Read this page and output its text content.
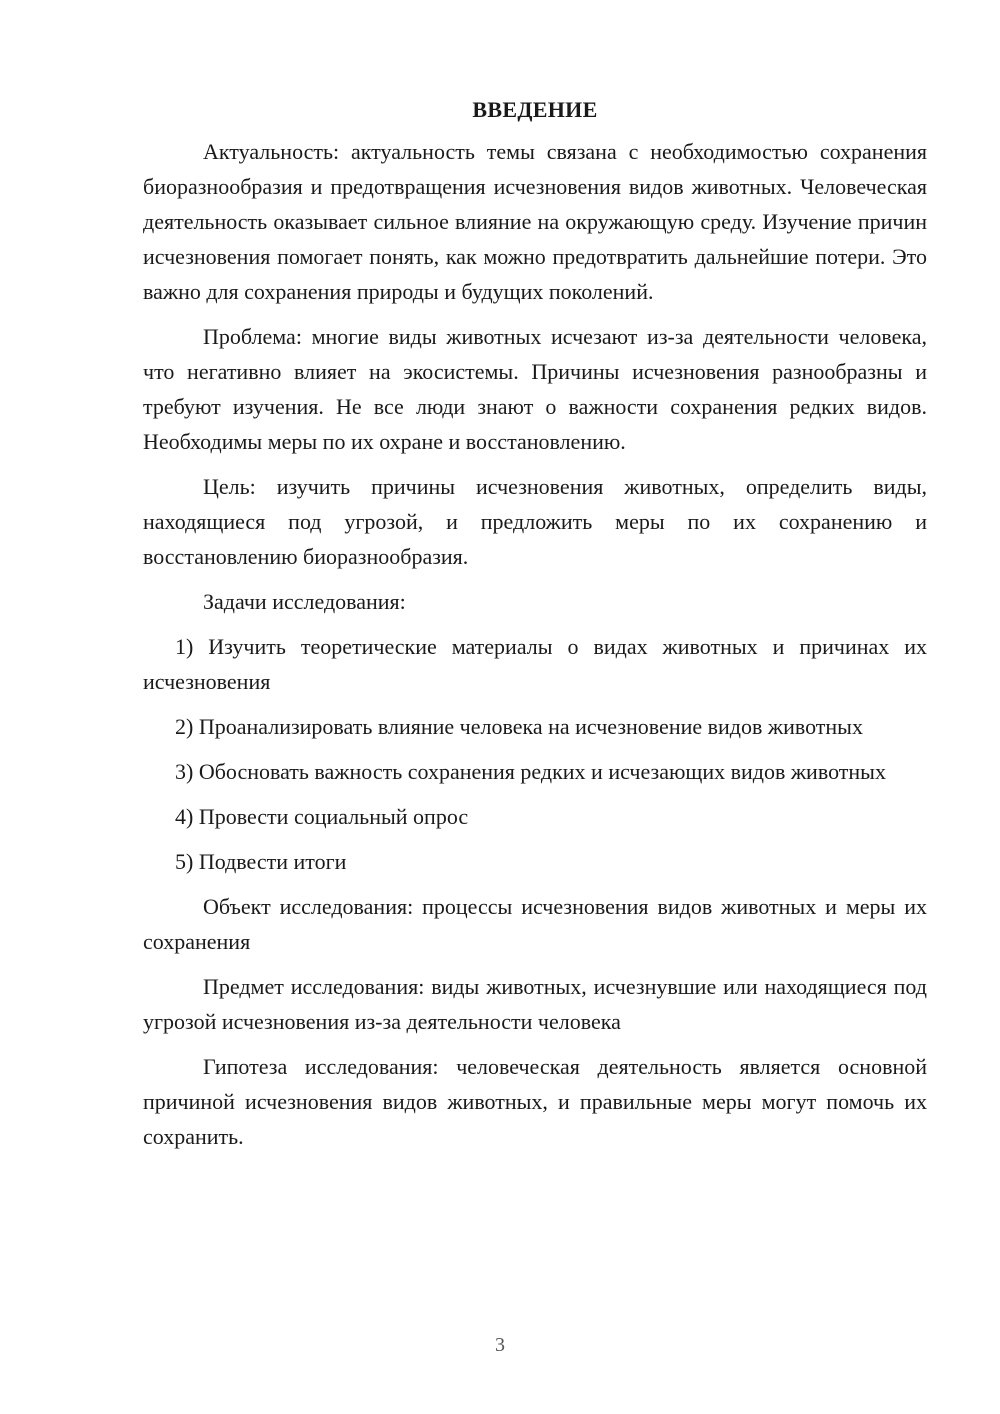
ВВЕДЕНИЕ

Актуальность: актуальность темы связана с необходимостью сохранения биоразнообразия и предотвращения исчезновения видов животных. Человеческая деятельность оказывает сильное влияние на окружающую среду. Изучение причин исчезновения помогает понять, как можно предотвратить дальнейшие потери. Это важно для сохранения природы и будущих поколений.

Проблема: многие виды животных исчезают из-за деятельности человека, что негативно влияет на экосистемы. Причины исчезновения разнообразны и требуют изучения. Не все люди знают о важности сохранения редких видов. Необходимы меры по их охране и восстановлению.

Цель: изучить причины исчезновения животных, определить виды, находящиеся под угрозой, и предложить меры по их сохранению и восстановлению биоразнообразия.

Задачи исследования:

1) Изучить теоретические материалы о видах животных и причинах их исчезновения

2) Проанализировать влияние человека на исчезновение видов животных

3) Обосновать важность сохранения редких и исчезающих видов животных

4) Провести социальный опрос

5) Подвести итоги

Объект исследования: процессы исчезновения видов животных и меры их сохранения

Предмет исследования: виды животных, исчезнувшие или находящиеся под угрозой исчезновения из-за деятельности человека

Гипотеза исследования: человеческая деятельность является основной причиной исчезновения видов животных, и правильные меры могут помочь их сохранить.

3
